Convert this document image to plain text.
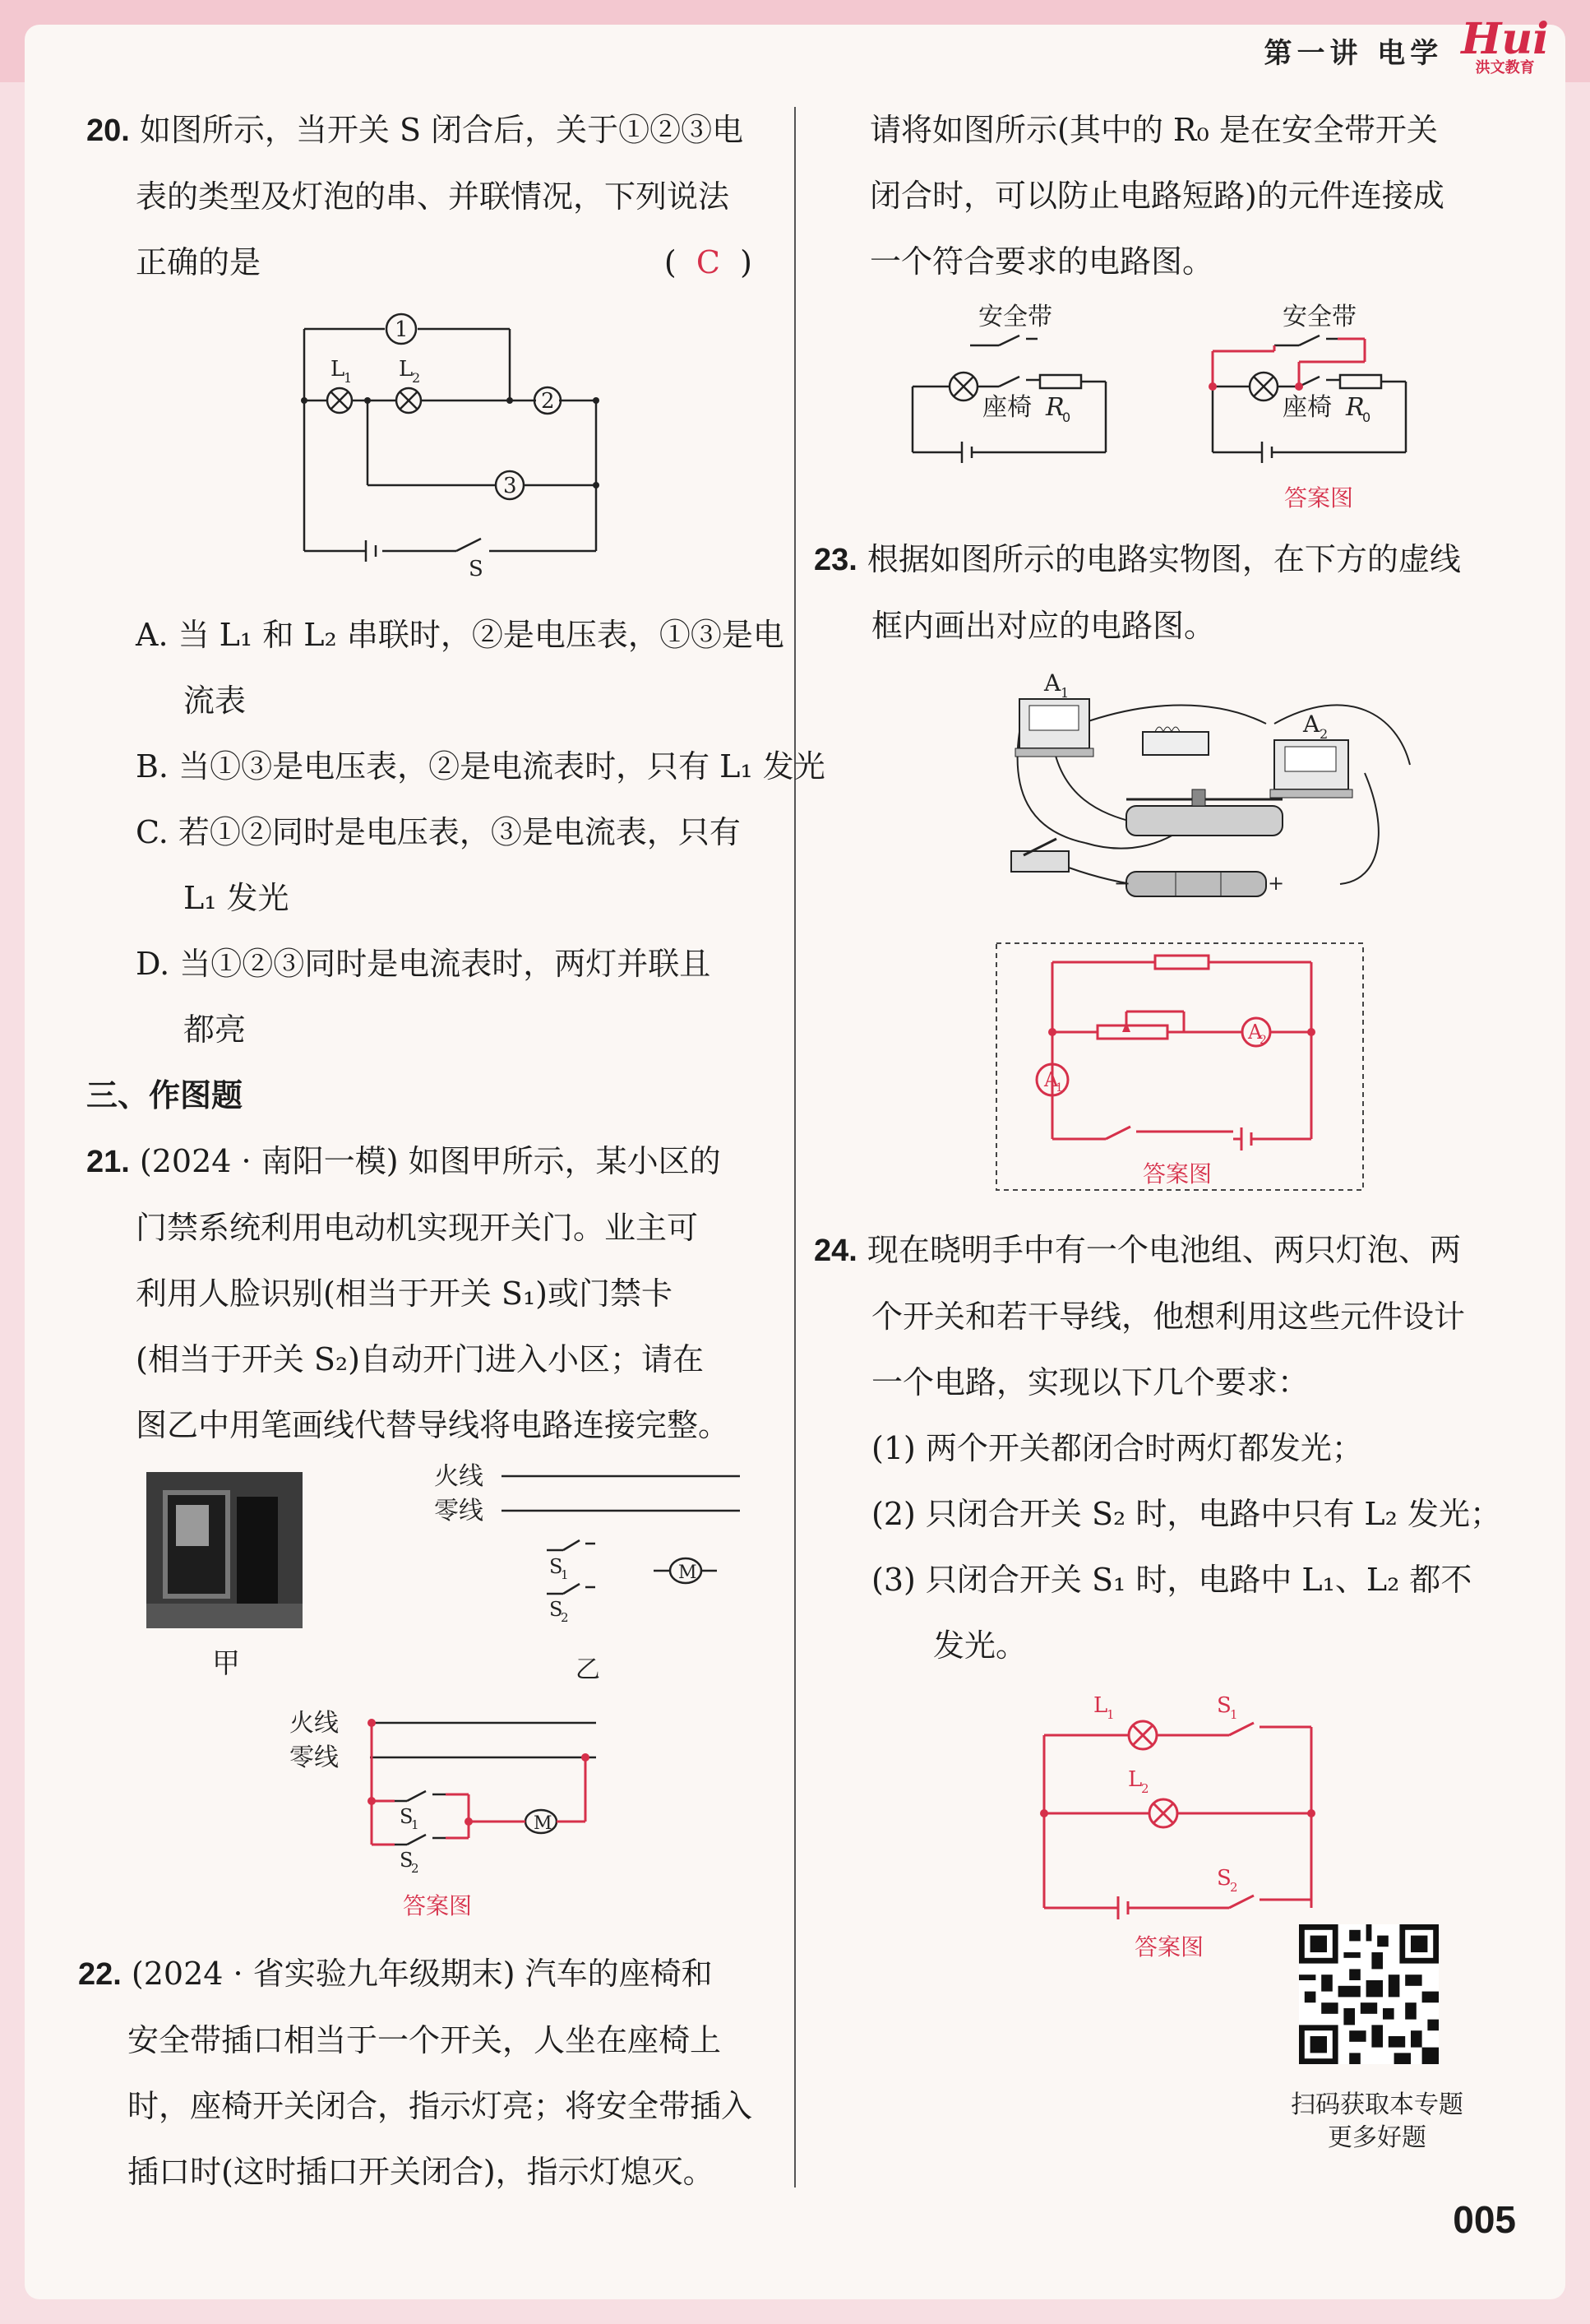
第一讲 电学 Hui
洪文教育
20. 如图所示，当开关 S 闭合后，关于①②③电
表的类型及灯泡的串、并联情况，下列说法
正确的是	( C )
1
2
3
L
1 L
2
S
A. 当 L₁ 和 L₂ 串联时，②是电压表，①③是电
流表
B. 当①③是电压表，②是电流表时，只有 L₁ 发光
C. 若①②同时是电压表，③是电流表，只有
L₁ 发光
D. 当①②③同时是电流表时，两灯并联且
都亮
三、作图题
21. (2024 · 南阳一模) 如图甲所示，某小区的
门禁系统利用电动机实现开关门。业主可
利用人脸识别(相当于开关 S₁)或门禁卡
(相当于开关 S₂)自动开门进入小区；请在
图乙中用笔画线代替导线将电路连接完整。
甲
火线
零线
S
1
S
2
M
乙
火线
零线
S
1
S
2
M
答案图
22. (2024 · 省实验九年级期末) 汽车的座椅和
安全带插口相当于一个开关，人坐在座椅上
时，座椅开关闭合，指示灯亮；将安全带插入
插口时(这时插口开关闭合)，指示灯熄灭。
请将如图所示(其中的 R₀ 是在安全带开关
闭合时，可以防止电路短路)的元件连接成
一个符合要求的电路图。
安全带
座椅 R
0
安全带
座椅 R
0
答案图
23. 根据如图所示的电路实物图，在下方的虚线
框内画出对应的电路图。
A 1
A 2
−	+
A
2
A
1
答案图
24. 现在晓明手中有一个电池组、两只灯泡、两
个开关和若干导线，他想利用这些元件设计
一个电路，实现以下几个要求：
(1) 两个开关都闭合时两灯都发光；
(2) 只闭合开关 S₂ 时，电路中只有 L₂ 发光；
(3) 只闭合开关 S₁ 时，电路中 L₁、L₂ 都不
发光。
L
1	S
1
L
2
S
2
答案图
扫码获取本专题
更多好题
005
